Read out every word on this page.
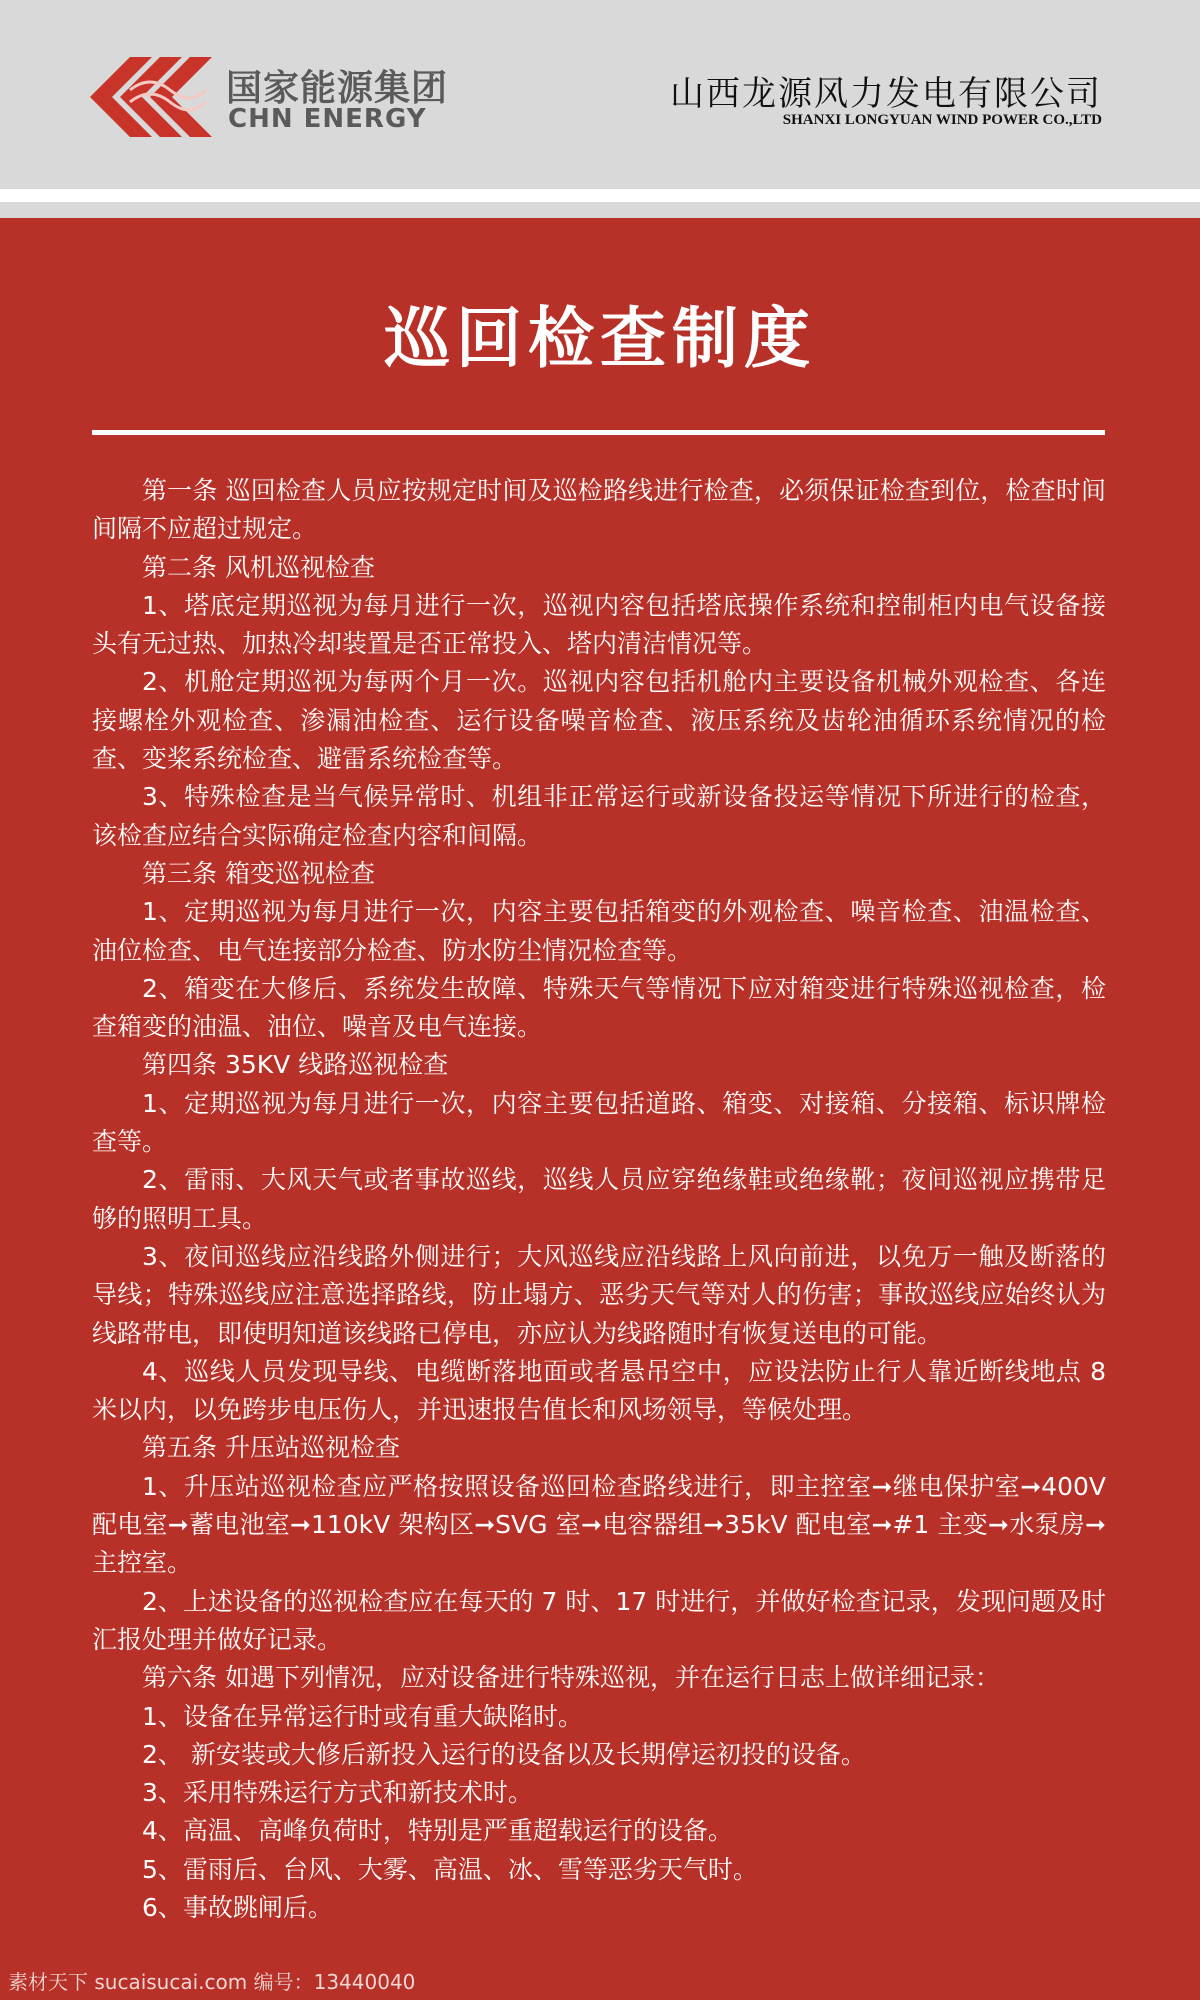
国家能源集团
CHN ENERGY
山西龙源风力发电有限公司
SHANXI LONGYUAN WIND POWER CO.,LTD
巡回检查制度

第一条 巡回检查人员应按规定时间及巡检路线进行检查，必须保证检查到位，检查时间间隔不应超过规定。

第二条 风机巡视检查

1、塔底定期巡视为每月进行一次，巡视内容包括塔底操作系统和控制柜内电气设备接头有无过热、加热冷却装置是否正常投入、塔内清洁情况等。

2、机舱定期巡视为每两个月一次。巡视内容包括机舱内主要设备机械外观检查、各连接螺栓外观检查、渗漏油检查、运行设备噪音检查、液压系统及齿轮油循环系统情况的检查、变桨系统检查、避雷系统检查等。

3、特殊检查是当气候异常时、机组非正常运行或新设备投运等情况下所进行的检查，该检查应结合实际确定检查内容和间隔。

第三条 箱变巡视检查

1、定期巡视为每月进行一次，内容主要包括箱变的外观检查、噪音检查、油温检查、油位检查、电气连接部分检查、防水防尘情况检查等。

2、箱变在大修后、系统发生故障、特殊天气等情况下应对箱变进行特殊巡视检查，检查箱变的油温、油位、噪音及电气连接。

第四条 35KV 线路巡视检查

1、定期巡视为每月进行一次，内容主要包括道路、箱变、对接箱、分接箱、标识牌检查等。

2、雷雨、大风天气或者事故巡线，巡线人员应穿绝缘鞋或绝缘靴；夜间巡视应携带足够的照明工具。

3、夜间巡线应沿线路外侧进行；大风巡线应沿线路上风向前进，以免万一触及断落的导线；特殊巡线应注意选择路线，防止塌方、恶劣天气等对人的伤害；事故巡线应始终认为线路带电，即使明知道该线路已停电，亦应认为线路随时有恢复送电的可能。

4、巡线人员发现导线、电缆断落地面或者悬吊空中，应设法防止行人靠近断线地点 8 米以内，以免跨步电压伤人，并迅速报告值长和风场领导，等候处理。

第五条 升压站巡视检查

1、升压站巡视检查应严格按照设备巡回检查路线进行，即主控室➞继电保护室➞400V 配电室➞蓄电池室➞110kV 架构区➞SVG 室➞电容器组➞35kV 配电室➞#1 主变➞水泵房➞主控室。

2、上述设备的巡视检查应在每天的 7 时、17 时进行，并做好检查记录，发现问题及时汇报处理并做好记录。

第六条 如遇下列情况，应对设备进行特殊巡视，并在运行日志上做详细记录：

1、设备在异常运行时或有重大缺陷时。

2、 新安装或大修后新投入运行的设备以及长期停运初投的设备。

3、采用特殊运行方式和新技术时。

4、高温、高峰负荷时，特别是严重超载运行的设备。

5、雷雨后、台风、大雾、高温、冰、雪等恶劣天气时。

6、事故跳闸后。

素材天下 sucaisucai.com 编号：13440040
